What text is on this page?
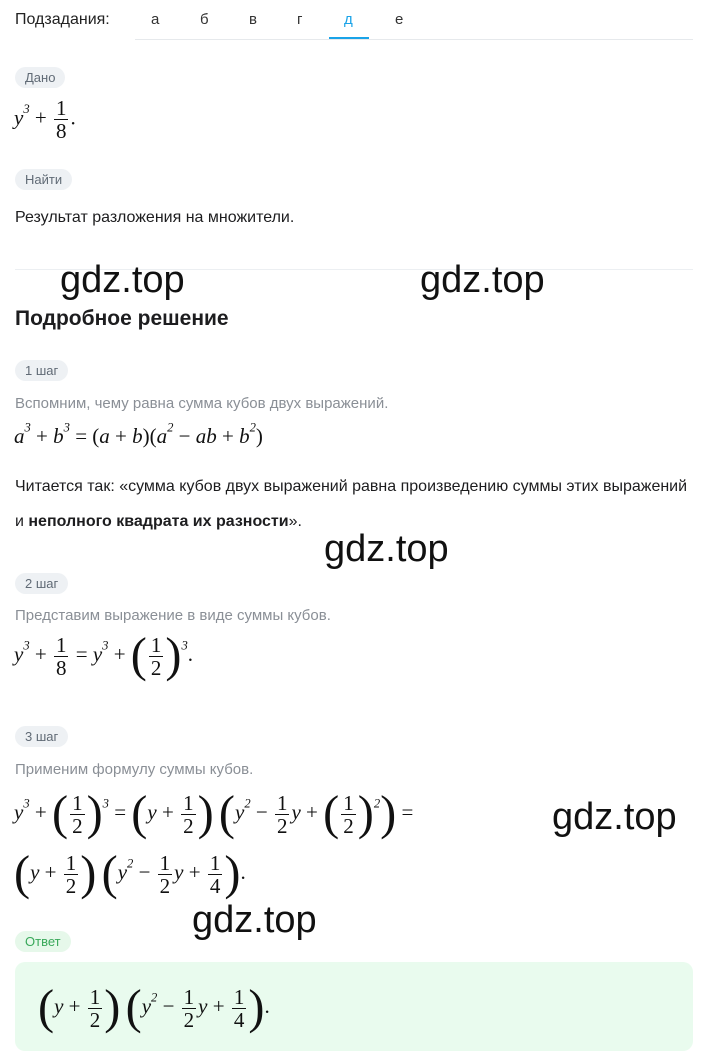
Подзадания:	а	б	в	г	д	е
Дано
$y^3 + \frac{1}{8}$ .
Найти
Результат разложения на множители.
gdz.top	gdz.top
gdz.top
gdz.top
gdz.top
Подробное решение
1 шаг
Вспомним, чему равна сумма кубов двух выражений.
$a^3 + b^3 = (a + b)(a^2$ − ab + $b^2$)
Читается так: «сумма кубов двух выражений равна произведению суммы этих выражений и неполного квадрата их разности».
2 шаг
Представим выражение в виде суммы кубов.
$y^3 + \frac{1}{8} = y^3$ + ( $\frac{1}{2} )^3$.
3 шаг
Применим формулу суммы кубов.
$y^3$ + ( $\frac{1}{2} )^3 = (y + \frac{1}{2}$ ) ($y^2 - \frac{1}{2}$ y + ( $\frac{1}{2} )^2$) =
($y + \frac{1}{2}$ ) ($y^2 - \frac{1}{2}$ $y + \frac{1}{4}$ ).
Ответ
($y + \frac{1}{2}$ ) ($y^2 - \frac{1}{2}$ $y + \frac{1}{4}$ ).
